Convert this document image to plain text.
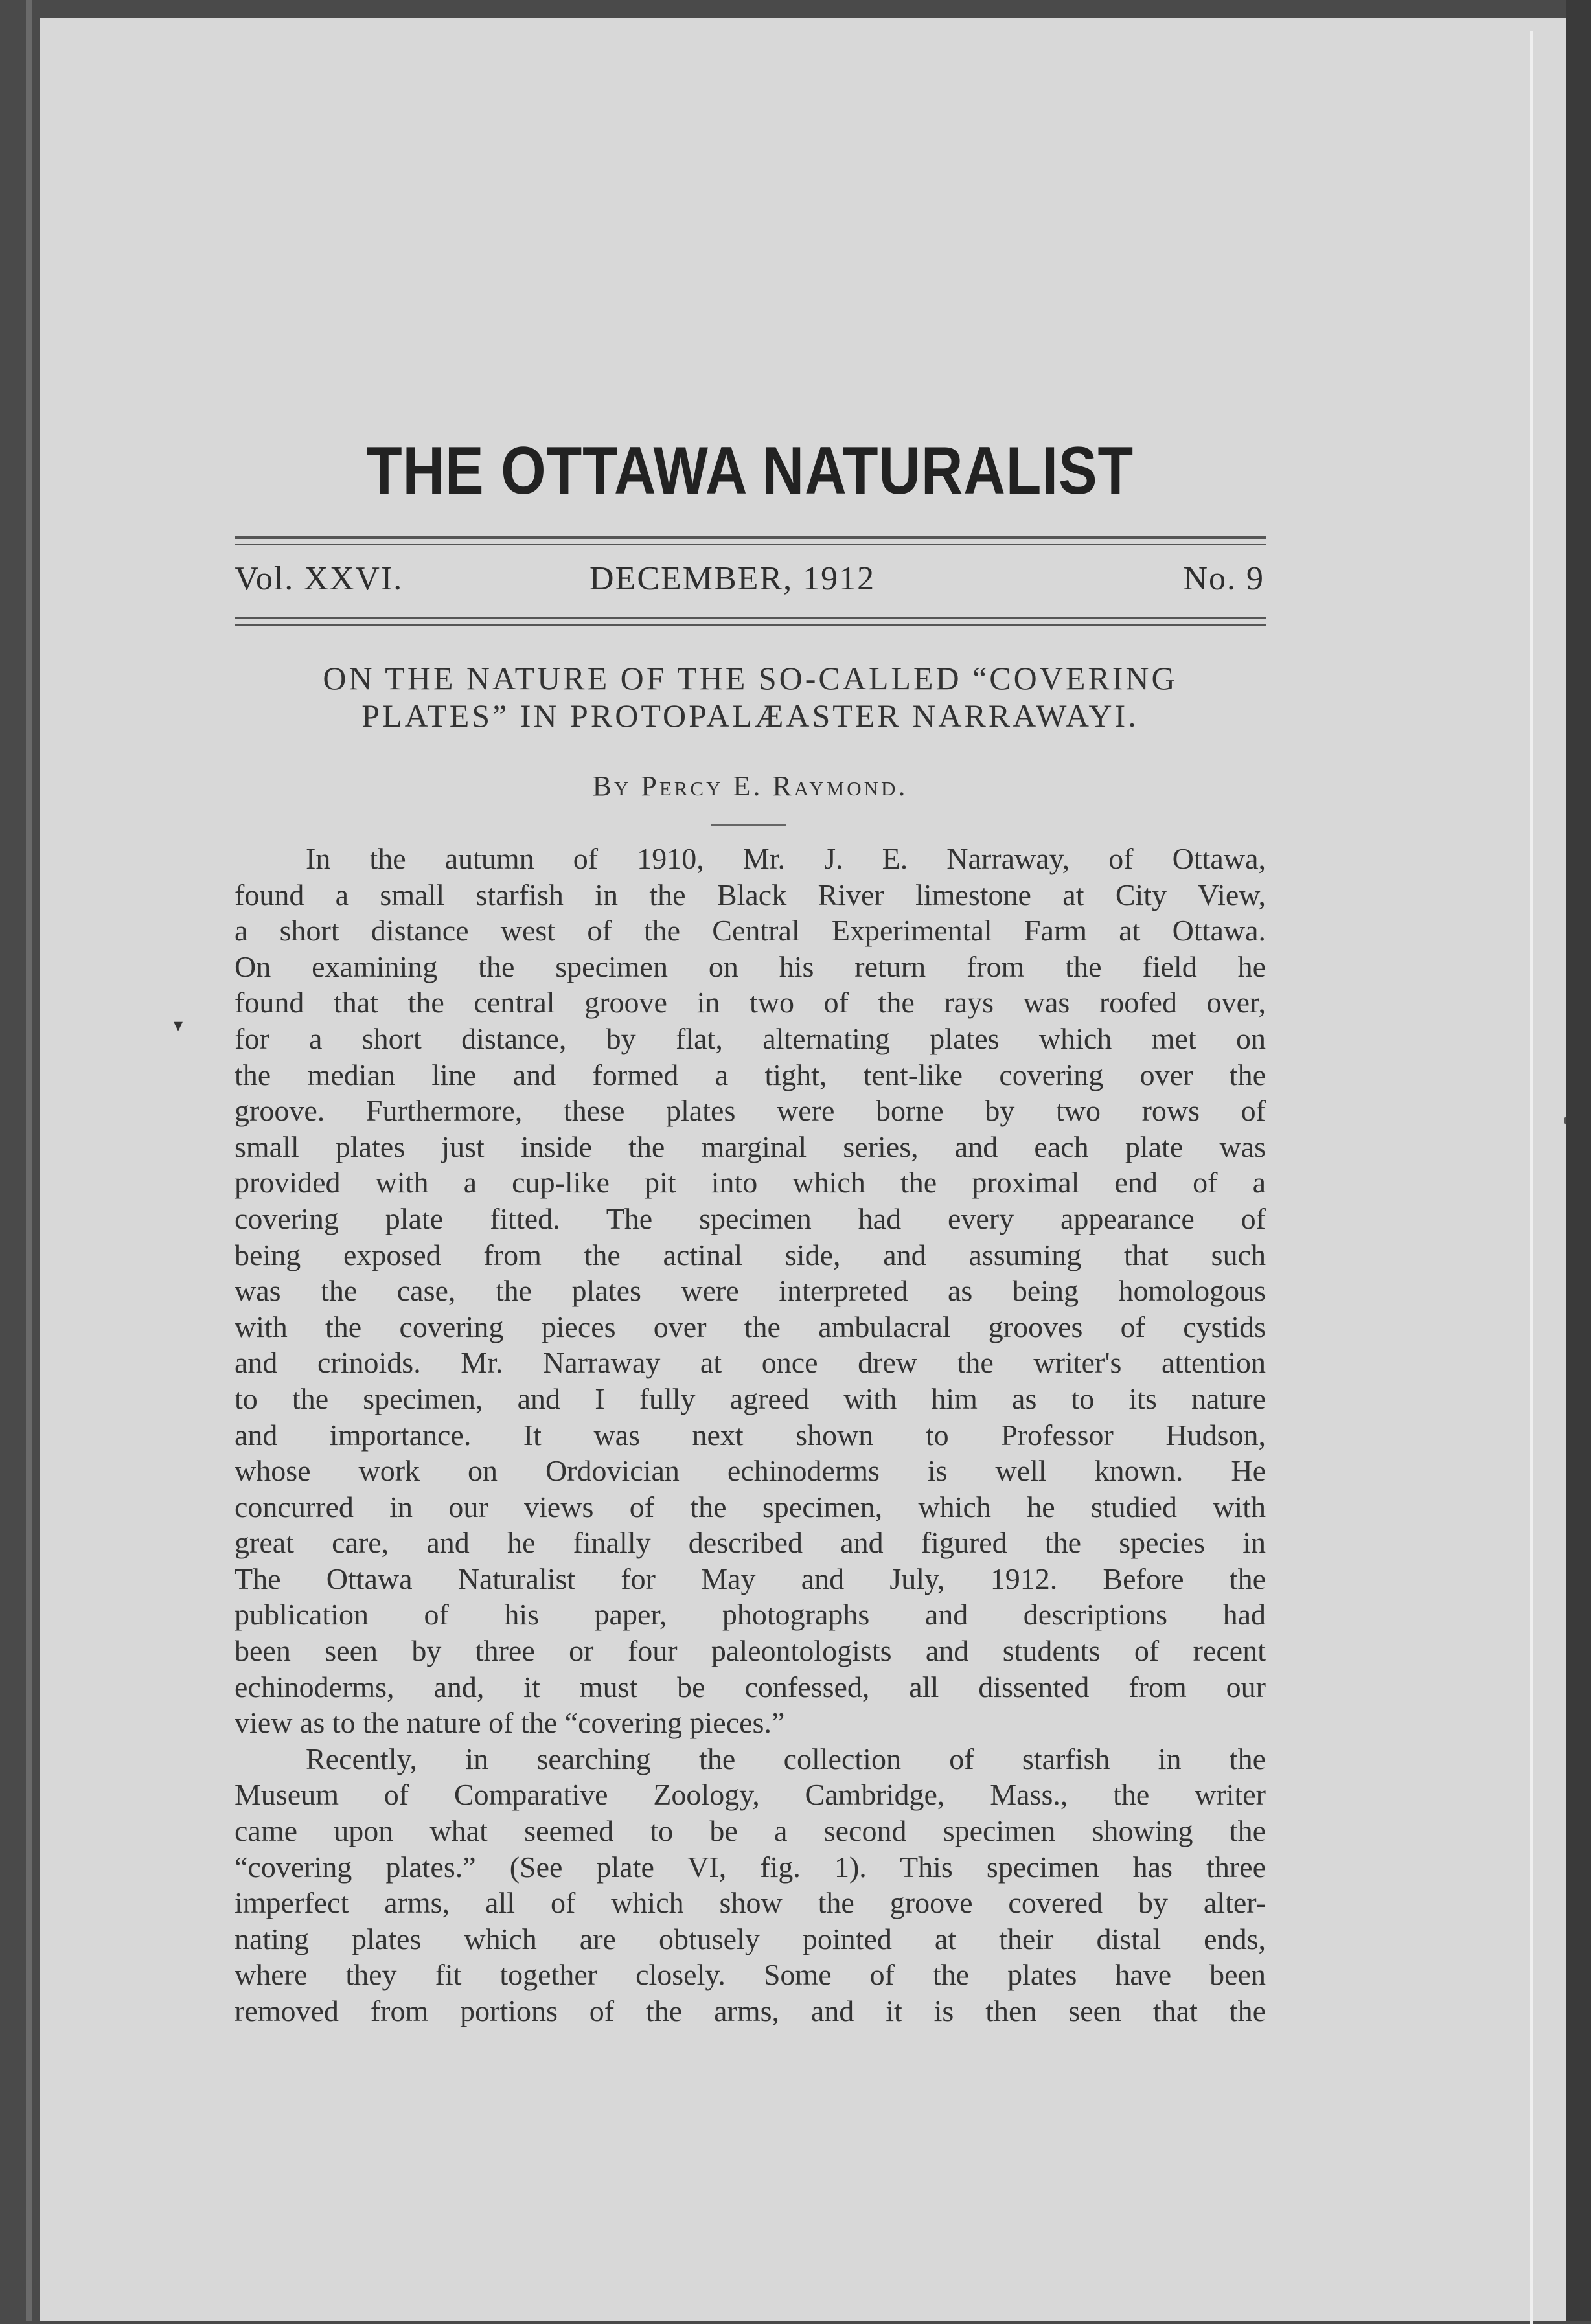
THE OTTAWA NATURALIST
Vol. XXVI.	DECEMBER, 1912	No. 9
ON THE NATURE OF THE SO-CALLED “COVERING
PLATES” IN PROTOPALÆASTER NARRAWAYI.
By Percy E. Raymond.

In the autumn of 1910, Mr. J. E. Narraway, of Ottawa,
found a small starfish in the Black River limestone at City View,
a short distance west of the Central Experimental Farm at Ottawa.
On examining the specimen on his return from the field he
found that the central groove in two of the rays was roofed over,
for a short distance, by flat, alternating plates which met on
the median line and formed a tight, tent-like covering over the
groove. Furthermore, these plates were borne by two rows of
small plates just inside the marginal series, and each plate was
provided with a cup-like pit into which the proximal end of a
covering plate fitted. The specimen had every appearance of
being exposed from the actinal side, and assuming that such
was the case, the plates were interpreted as being homologous
with the covering pieces over the ambulacral grooves of cystids
and crinoids. Mr. Narraway at once drew the writer's attention
to the specimen, and I fully agreed with him as to its nature
and importance. It was next shown to Professor Hudson,
whose work on Ordovician echinoderms is well known. He
concurred in our views of the specimen, which he studied with
great care, and he finally described and figured the species in
The Ottawa Naturalist for May and July, 1912. Before the
publication of his paper, photographs and descriptions had
been seen by three or four paleontologists and students of recent
echinoderms, and, it must be confessed, all dissented from our
view as to the nature of the “covering pieces.”

Recently, in searching the collection of starfish in the
Museum of Comparative Zoology, Cambridge, Mass., the writer
came upon what seemed to be a second specimen showing the
“covering plates.” (See plate VI, fig. 1). This specimen has three
imperfect arms, all of which show the groove covered by alter-
nating plates which are obtusely pointed at their distal ends,
where they fit together closely. Some of the plates have been
removed from portions of the arms, and it is then seen that the

▾
